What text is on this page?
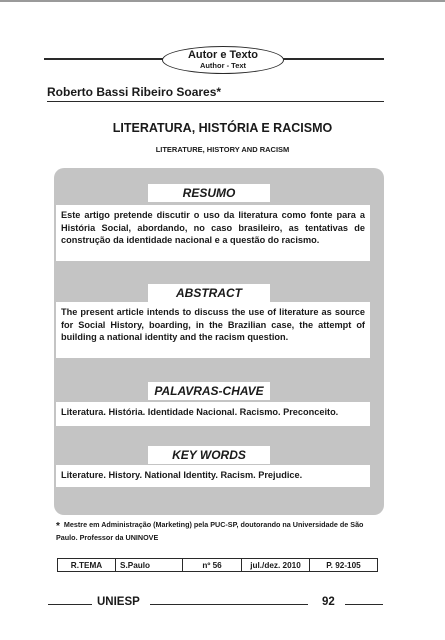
Autor e Texto
Author - Text
Roberto Bassi Ribeiro Soares*
LITERATURA, HISTÓRIA E RACISMO
LITERATURE, HISTORY AND RACISM
RESUMO
Este artigo pretende discutir o uso da literatura como fonte para a História Social, abordando, no caso brasileiro, as tentativas de construção da identidade nacional e a questão do racismo.
ABSTRACT
The present article intends to discuss the use of literature as source for Social History, boarding, in the Brazilian case, the attempt of building a national identity and the racism question.
PALAVRAS-CHAVE
Literatura. História. Identidade Nacional. Racismo. Preconceito.
KEY WORDS
Literature. History. National Identity. Racism. Prejudice.
* Mestre em Administração (Marketing) pela PUC-SP, doutorando na Universidade de São Paulo. Professor da UNINOVE
R.TEMA	S.Paulo	nº 56	jul./dez. 2010	P. 92-105
UNIESP	92
